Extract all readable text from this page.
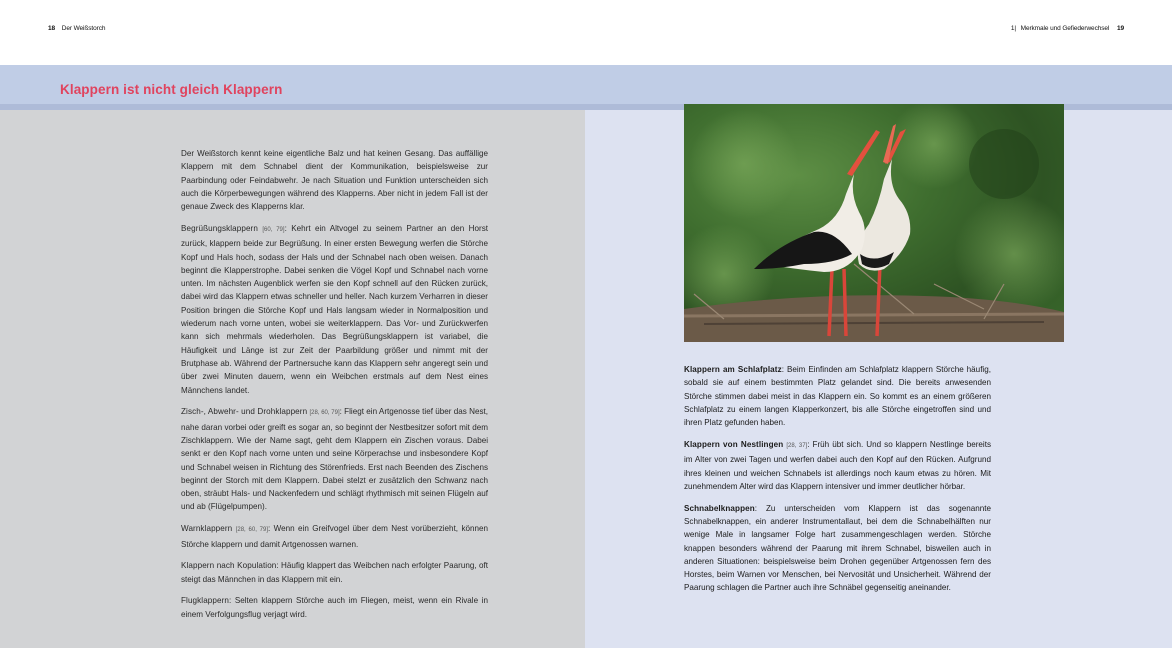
18 Der Weißstorch	1| Merkmale und Gefiederwechsel 19
Klappern ist nicht gleich Klappern

Der Weißstorch kennt keine eigentliche Balz und hat keinen Gesang. Das auffällige Klappern mit dem Schnabel dient der Kommunikation, beispielsweise zur Paarbindung oder Feindabwehr. Je nach Situation und Funktion unterscheiden sich auch die Körperbewegungen während des Klapperns. Aber nicht in jedem Fall ist der genaue Zweck des Klapperns klar.

Begrüßungsklappern [60, 79]: Kehrt ein Altvogel zu seinem Partner an den Horst zurück, klappern beide zur Begrüßung. In einer ersten Bewegung werfen die Störche Kopf und Hals hoch, sodass der Hals und der Schnabel nach oben weisen. Danach beginnt die Klapperstrophe. Dabei senken die Vögel Kopf und Schnabel nach vorne unten. Im nächsten Augenblick werfen sie den Kopf schnell auf den Rücken zurück, dabei wird das Klappern etwas schneller und heller. Nach kurzem Verharren in dieser Position bringen die Störche Kopf und Hals langsam wieder in Normalposition und wiederum nach vorne unten, wobei sie weiterklappern. Das Vor- und Zurückwerfen kann sich mehrmals wiederholen. Das Begrüßungsklappern ist variabel, die Häufigkeit und Länge ist zur Zeit der Paarbildung größer und nimmt mit der Brutphase ab. Während der Partnersuche kann das Klappern sehr angeregt sein und über zwei Minuten dauern, wenn ein Weibchen erstmals auf dem Nest eines Männchens landet.

Zisch-, Abwehr- und Drohklappern [28, 60, 79]: Fliegt ein Artgenosse tief über das Nest, nahe daran vorbei oder greift es sogar an, so beginnt der Nestbesitzer sofort mit dem Zischklappern. Wie der Name sagt, geht dem Klappern ein Zischen voraus. Dabei senkt er den Kopf nach vorne unten und seine Körperachse und insbesondere Kopf und Schnabel weisen in Richtung des Störenfrieds. Erst nach Beenden des Zischens beginnt der Storch mit dem Klappern. Dabei stelzt er zusätzlich den Schwanz nach oben, sträubt Hals- und Nackenfedern und schlägt rhythmisch mit seinen Flügeln auf und ab (Flügelpumpen).

Warnklappern [28, 60, 79]: Wenn ein Greifvogel über dem Nest vorüberzieht, können Störche klappern und damit Artgenossen warnen.

Klappern nach Kopulation: Häufig klappert das Weibchen nach erfolgter Paarung, oft steigt das Männchen in das Klappern mit ein.

Flugklappern: Selten klappern Störche auch im Fliegen, meist, wenn ein Rivale in einem Verfolgungsflug verjagt wird.

Klappern am Schlafplatz: Beim Einfinden am Schlafplatz klappern Störche häufig, sobald sie auf einem bestimmten Platz gelandet sind. Die bereits anwesenden Störche stimmen dabei meist in das Klappern ein. So kommt es an einem größeren Schlafplatz zu einem langen Klapperkonzert, bis alle Störche eingetroffen sind und ihren Platz gefunden haben.

Klappern von Nestlingen [28, 37]: Früh übt sich. Und so klappern Nestlinge bereits im Alter von zwei Tagen und werfen dabei auch den Kopf auf den Rücken. Aufgrund ihres kleinen und weichen Schnabels ist allerdings noch kaum etwas zu hören. Mit zunehmendem Alter wird das Klappern intensiver und immer deutlicher hörbar.

Schnabelknappen: Zu unterscheiden vom Klappern ist das sogenannte Schnabelknappen, ein anderer Instrumentallaut, bei dem die Schnabelhälften nur wenige Male in langsamer Folge hart zusammengeschlagen werden. Störche knappen besonders während der Paarung mit ihrem Schnabel, bisweilen auch in anderen Situationen: beispielsweise beim Drohen gegenüber Artgenossen fern des Horstes, beim Warnen vor Menschen, bei Nervosität und Unsicherheit. Während der Paarung schlagen die Partner auch ihre Schnäbel gegenseitig aneinander.
